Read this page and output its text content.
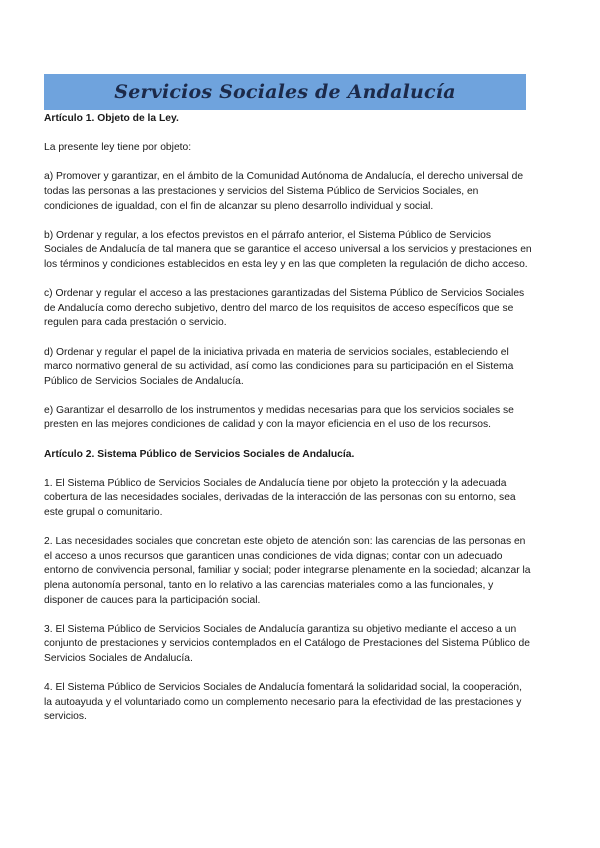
Servicios Sociales de Andalucía

Artículo 1. Objeto de la Ley.

La presente ley tiene por objeto:

a) Promover y garantizar, en el ámbito de la Comunidad Autónoma de Andalucía, el derecho universal de todas las personas a las prestaciones y servicios del Sistema Público de Servicios Sociales, en condiciones de igualdad, con el fin de alcanzar su pleno desarrollo individual y social.

b) Ordenar y regular, a los efectos previstos en el párrafo anterior, el Sistema Público de Servicios Sociales de Andalucía de tal manera que se garantice el acceso universal a los servicios y prestaciones en los términos y condiciones establecidos en esta ley y en las que completen la regulación de dicho acceso.

c) Ordenar y regular el acceso a las prestaciones garantizadas del Sistema Público de Servicios Sociales de Andalucía como derecho subjetivo, dentro del marco de los requisitos de acceso específicos que se regulen para cada prestación o servicio.

d) Ordenar y regular el papel de la iniciativa privada en materia de servicios sociales, estableciendo el marco normativo general de su actividad, así como las condiciones para su participación en el Sistema Público de Servicios Sociales de Andalucía.

e) Garantizar el desarrollo de los instrumentos y medidas necesarias para que los servicios sociales se presten en las mejores condiciones de calidad y con la mayor eficiencia en el uso de los recursos.

Artículo 2. Sistema Público de Servicios Sociales de Andalucía.

1. El Sistema Público de Servicios Sociales de Andalucía tiene por objeto la protección y la adecuada cobertura de las necesidades sociales, derivadas de la interacción de las personas con su entorno, sea este grupal o comunitario.

2. Las necesidades sociales que concretan este objeto de atención son: las carencias de las personas en el acceso a unos recursos que garanticen unas condiciones de vida dignas; contar con un adecuado entorno de convivencia personal, familiar y social; poder integrarse plenamente en la sociedad; alcanzar la plena autonomía personal, tanto en lo relativo a las carencias materiales como a las funcionales, y disponer de cauces para la participación social.

3. El Sistema Público de Servicios Sociales de Andalucía garantiza su objetivo mediante el acceso a un conjunto de prestaciones y servicios contemplados en el Catálogo de Prestaciones del Sistema Público de Servicios Sociales de Andalucía.

4. El Sistema Público de Servicios Sociales de Andalucía fomentará la solidaridad social, la cooperación, la autoayuda y el voluntariado como un complemento necesario para la efectividad de las prestaciones y servicios.
